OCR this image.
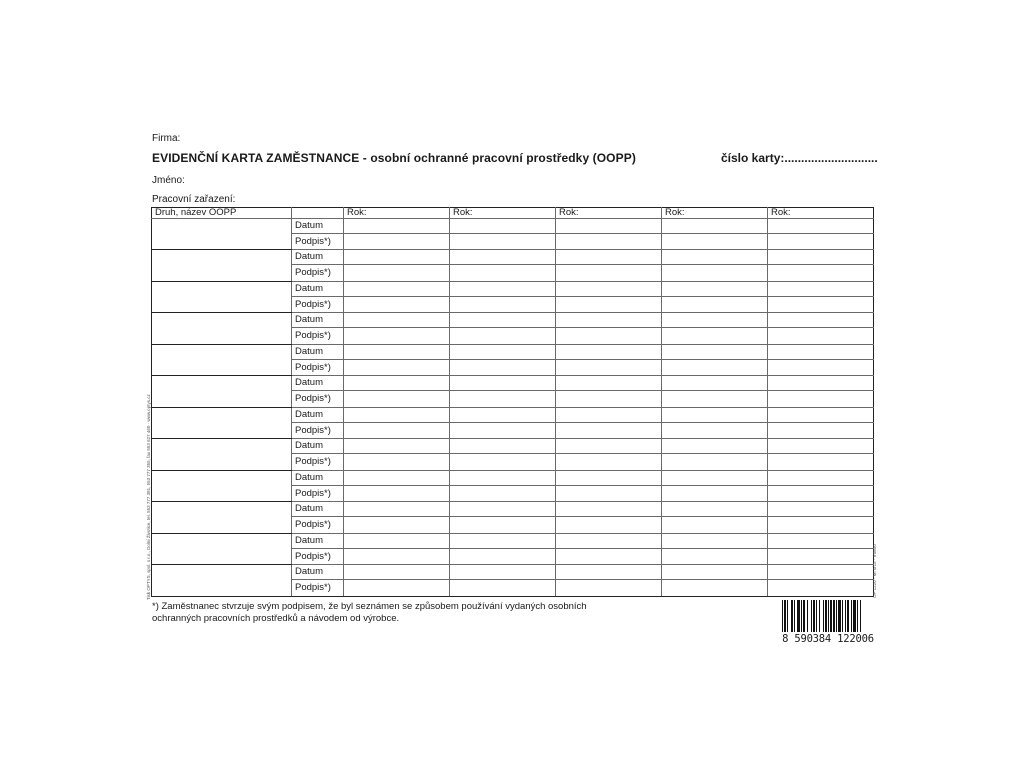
Firma:
EVIDENČNÍ KARTA ZAMĚSTNANCE - osobní ochranné pracovní prostředky (OOPP)	číslo karty:............................
Jméno:
Pracovní zařazení:
Druh, název OOPP		Rok:	Rok:	Rok:	Rok:	Rok:
	Datum					
	Podpis*)					
	Datum					
	Podpis*)					
	Datum					
	Podpis*)					
	Datum					
	Podpis*)					
	Datum					
	Podpis*)					
	Datum					
	Podpis*)					
	Datum					
	Podpis*)					
	Datum					
	Podpis*)					
	Datum					
	Podpis*)					
	Datum					
	Podpis*)					
	Datum					
	Podpis*)					
	Datum					
	Podpis*)					
Tisk OPTYS, spol. s r.o., Dolní Životice, tel. 553 777 381, 553 777 355, fax 553 627 460 · www.optys.cz	OP 1220 · MI 0/15 · V0800
*) Zaměstnanec stvrzuje svým podpisem, že byl seznámen se způsobem používání vydaných osobních ochranných pracovních prostředků a návodem od výrobce.
8 590384 122006
